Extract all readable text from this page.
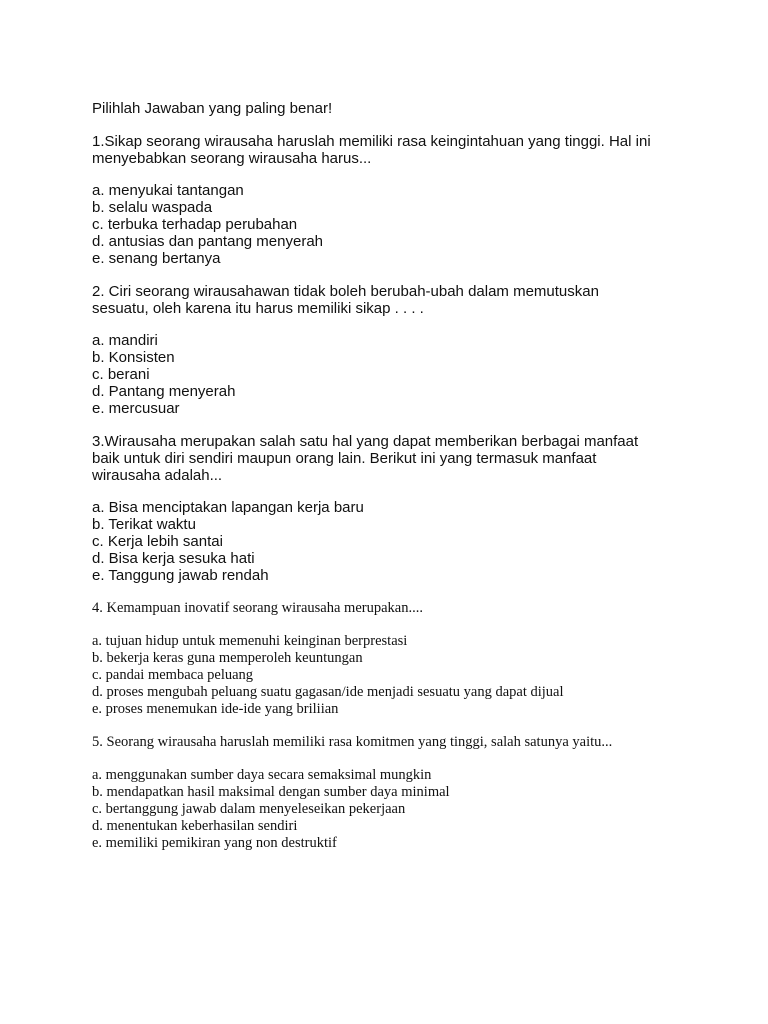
Pilihlah Jawaban yang paling benar!

1.Sikap seorang wirausaha haruslah memiliki rasa keingintahuan yang tinggi. Hal ini
menyebabkan seorang wirausaha harus...

a. menyukai tantangan

b. selalu waspada

c. terbuka terhadap perubahan

d. antusias dan pantang menyerah

e. senang bertanya

2. Ciri seorang wirausahawan tidak boleh berubah-ubah dalam memutuskan
sesuatu, oleh karena itu harus memiliki sikap . . . .

a. mandiri

b. Konsisten

c. berani

d. Pantang menyerah

e. mercusuar

3.Wirausaha merupakan salah satu hal yang dapat memberikan berbagai manfaat
baik untuk diri sendiri maupun orang lain. Berikut ini yang termasuk manfaat
wirausaha adalah...

a. Bisa menciptakan lapangan kerja baru

b. Terikat waktu

c. Kerja lebih santai

d. Bisa kerja sesuka hati

e. Tanggung jawab rendah

4. Kemampuan inovatif seorang wirausaha merupakan....

a. tujuan hidup untuk memenuhi keinginan berprestasi

b. bekerja keras guna memperoleh keuntungan

c. pandai membaca peluang

d. proses mengubah peluang suatu gagasan/ide menjadi sesuatu yang dapat dijual

e. proses menemukan ide-ide yang briliian

5. Seorang wirausaha haruslah memiliki rasa komitmen yang tinggi, salah satunya yaitu...

a. menggunakan sumber daya secara semaksimal mungkin

b. mendapatkan hasil maksimal dengan sumber daya minimal

c. bertanggung jawab dalam menyeleseikan pekerjaan

d. menentukan keberhasilan sendiri

e. memiliki pemikiran yang non destruktif
